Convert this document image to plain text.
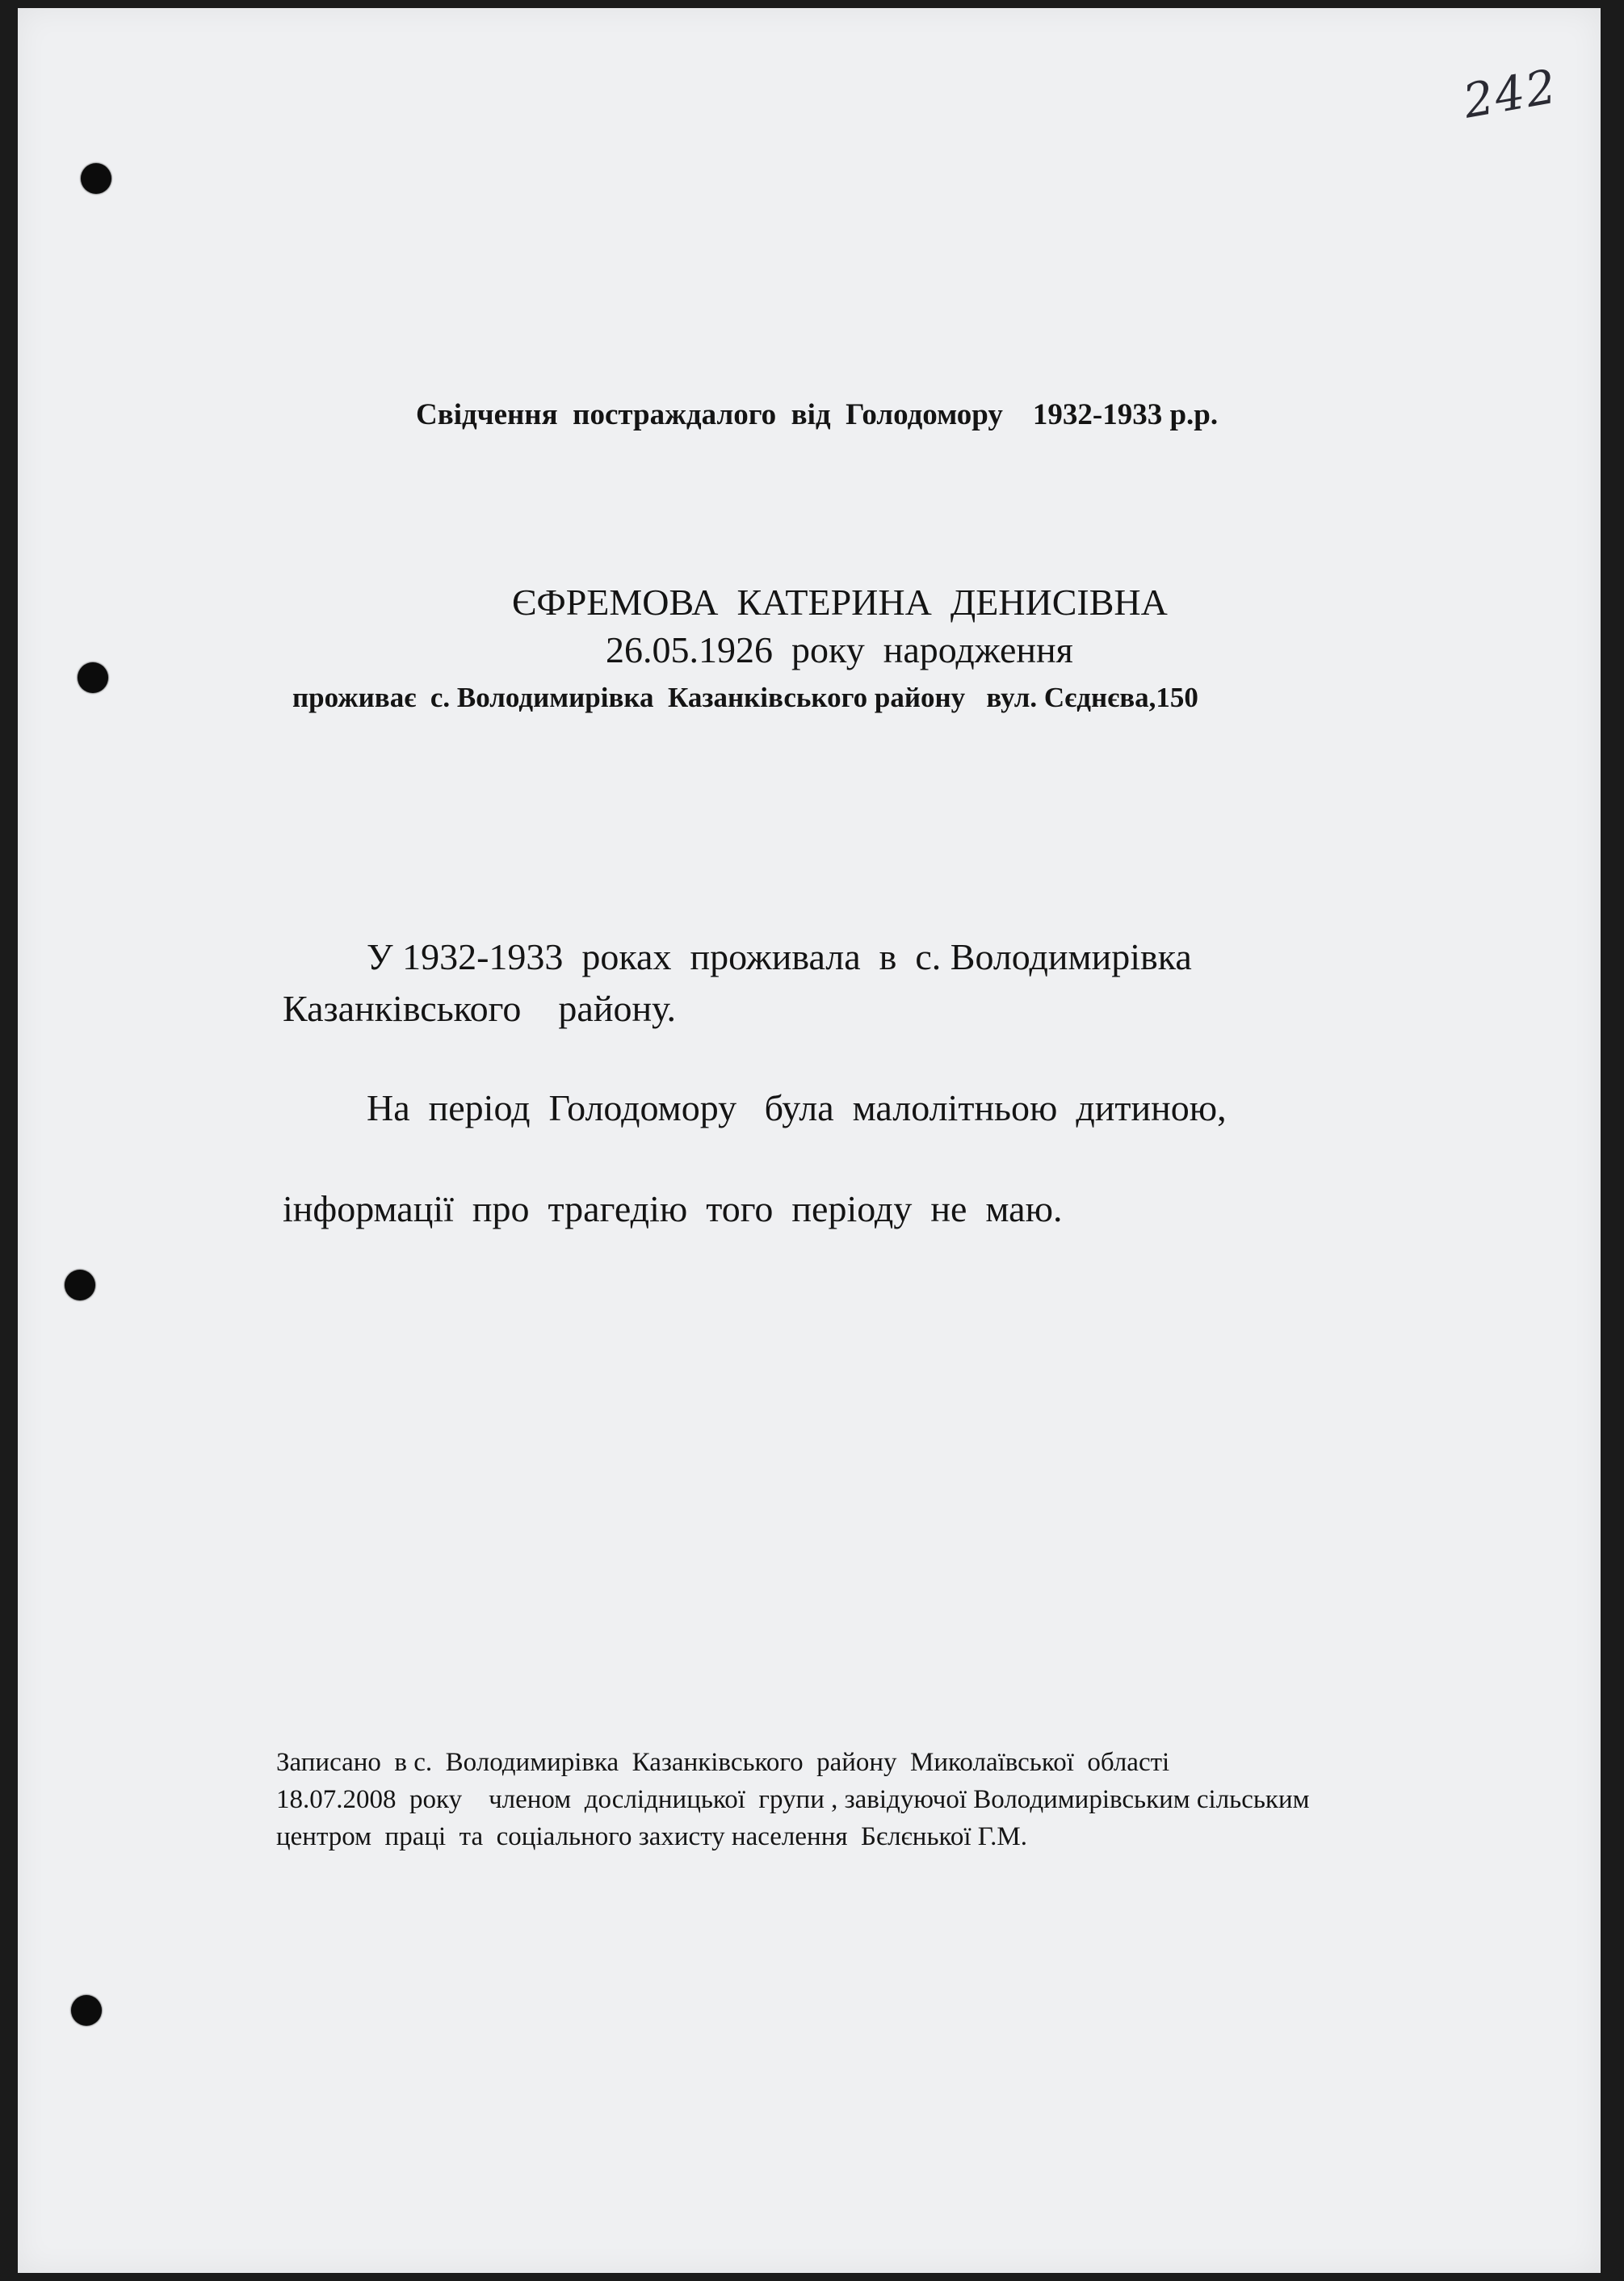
242
Свідчення  постраждалого  від  Голодомору    1932-1933 р.р.
ЄФРЕМОВА  КАТЕРИНА  ДЕНИСІВНА
26.05.1926  року  народження
проживає  с. Володимирівка  Казанківського району   вул. Сєднєва,150
У 1932-1933  роках  проживала  в  с. Володимирівка
Казанківського    району.
На  період  Голодомору   була  малолітньою  дитиною,
інформації  про  трагедію  того  періоду  не  маю.
Записано  в с.  Володимирівка  Казанківського  району  Миколаївської  області
18.07.2008  року    членом  дослідницької  групи , завідуючої Володимирівським сільським
центром  праці  та  соціального захисту населення  Бєлєнької Г.М.
